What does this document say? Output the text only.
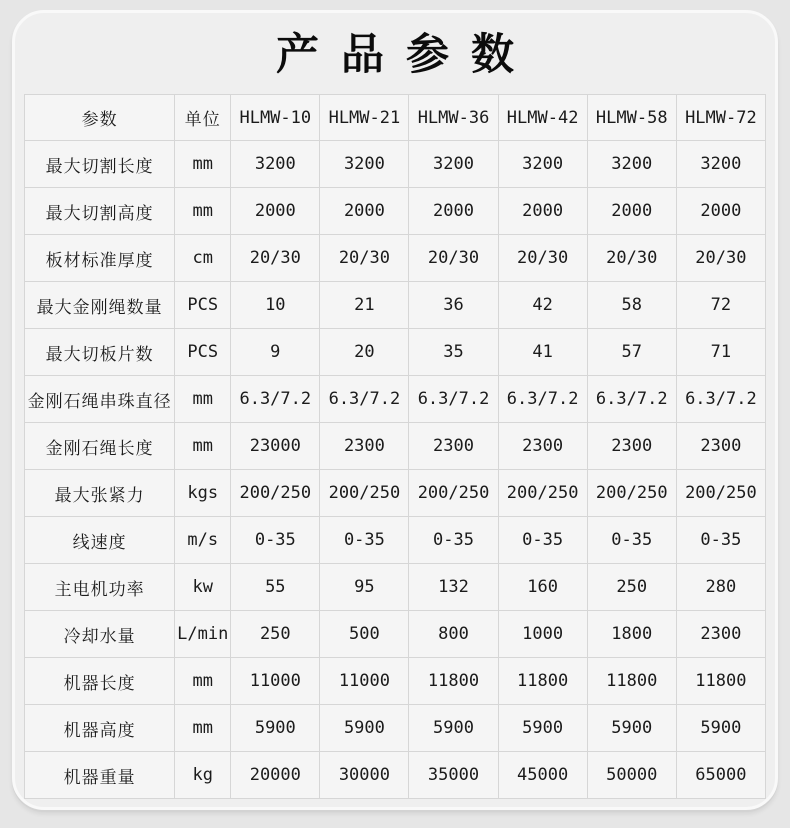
产品参数
参数	单位	HLMW-10	HLMW-21	HLMW-36	HLMW-42	HLMW-58	HLMW-72
最大切割长度	mm	3200	3200	3200	3200	3200	3200
最大切割高度	mm	2000	2000	2000	2000	2000	2000
板材标准厚度	cm	20/30	20/30	20/30	20/30	20/30	20/30
最大金刚绳数量	PCS	10	21	36	42	58	72
最大切板片数	PCS	9	20	35	41	57	71
金刚石绳串珠直径	mm	6.3/7.2	6.3/7.2	6.3/7.2	6.3/7.2	6.3/7.2	6.3/7.2
金刚石绳长度	mm	23000	2300	2300	2300	2300	2300
最大张紧力	kgs	200/250	200/250	200/250	200/250	200/250	200/250
线速度	m/s	0-35	0-35	0-35	0-35	0-35	0-35
主电机功率	kw	55	95	132	160	250	280
冷却水量	L/min	250	500	800	1000	1800	2300
机器长度	mm	11000	11000	11800	11800	11800	11800
机器高度	mm	5900	5900	5900	5900	5900	5900
机器重量	kg	20000	30000	35000	45000	50000	65000
